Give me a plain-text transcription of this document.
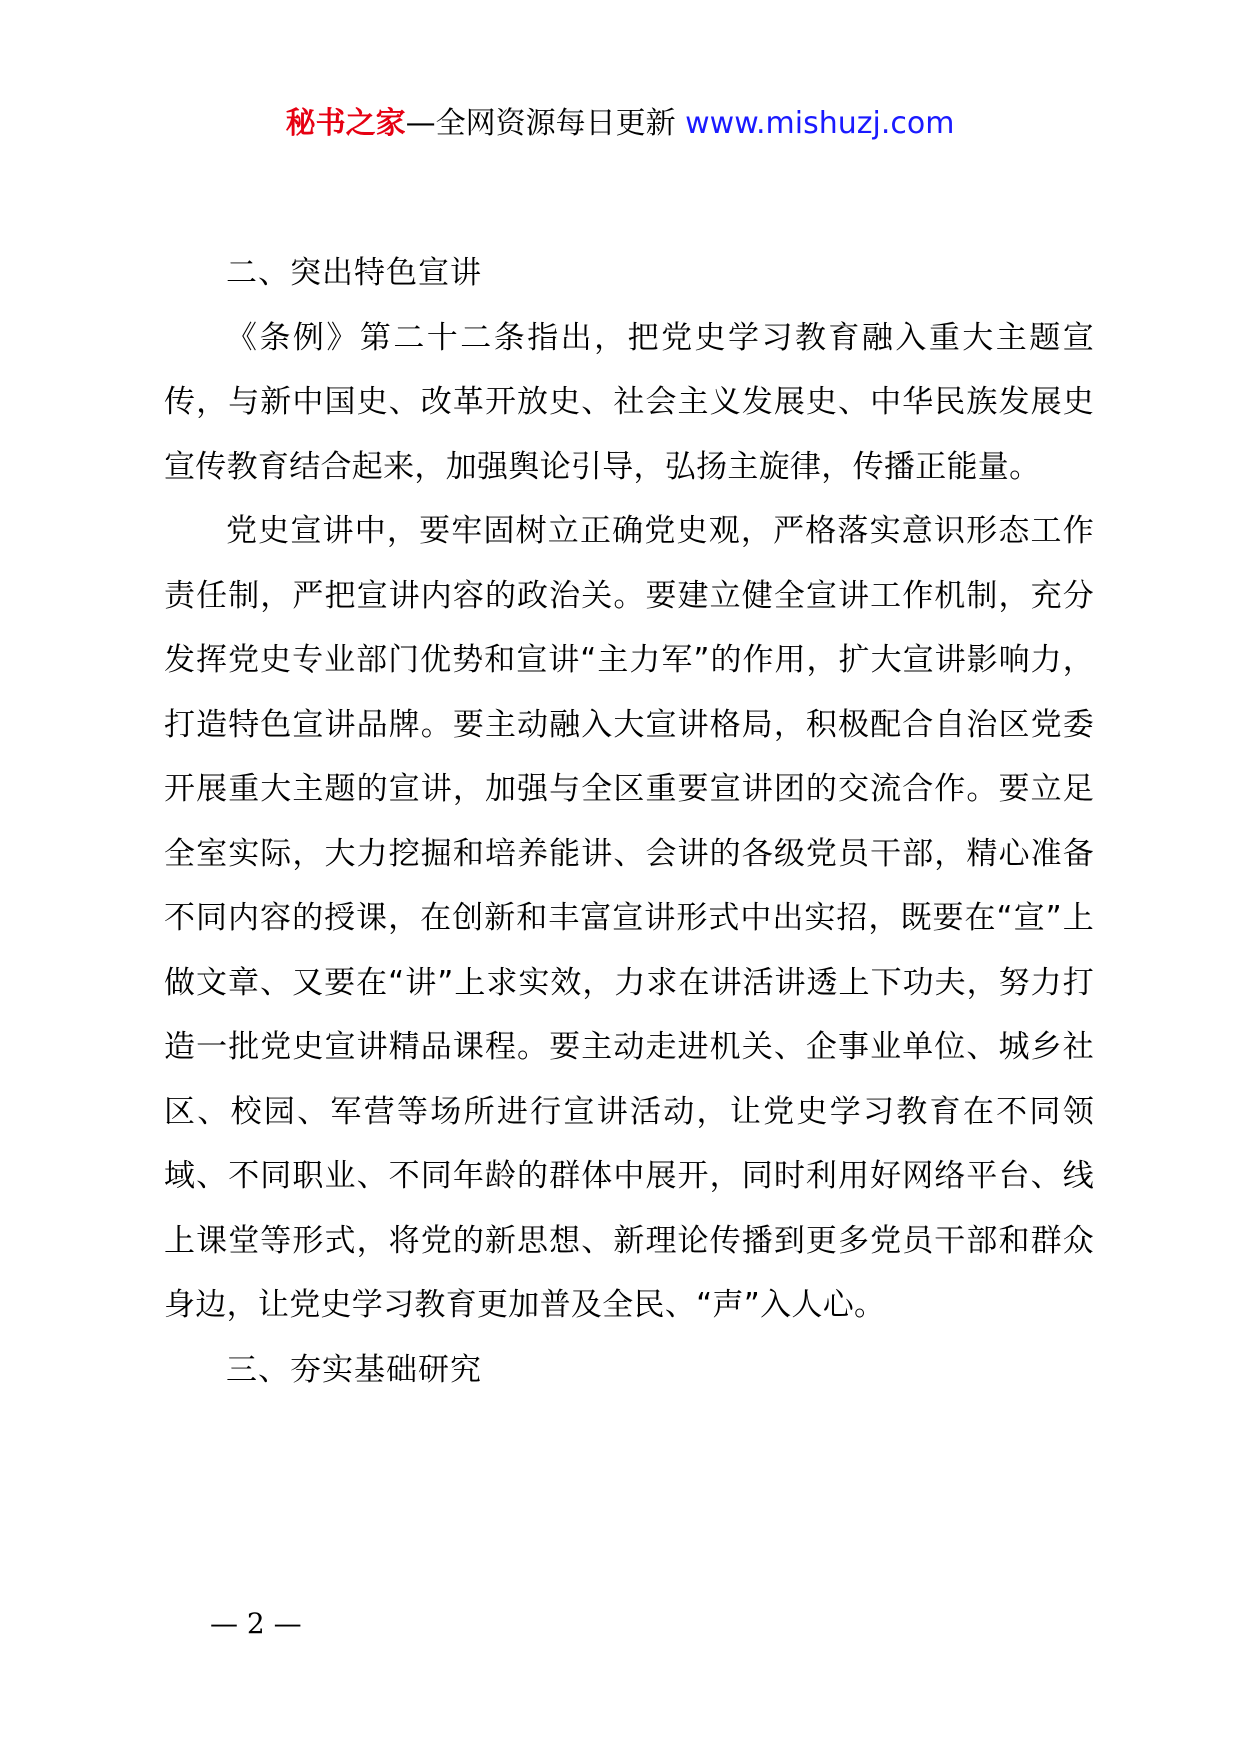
秘书之家—全网资源每日更新 www.mishuzj.com

二、突出特色宣讲

《条例》第二十二条指出，把党史学习教育融入重大主题宣传，与新中国史、改革开放史、社会主义发展史、中华民族发展史宣传教育结合起来，加强舆论引导，弘扬主旋律，传播正能量。

党史宣讲中，要牢固树立正确党史观，严格落实意识形态工作责任制，严把宣讲内容的政治关。要建立健全宣讲工作机制，充分发挥党史专业部门优势和宣讲“主力军”的作用，扩大宣讲影响力，打造特色宣讲品牌。要主动融入大宣讲格局，积极配合自治区党委开展重大主题的宣讲，加强与全区重要宣讲团的交流合作。要立足全室实际，大力挖掘和培养能讲、会讲的各级党员干部，精心准备不同内容的授课，在创新和丰富宣讲形式中出实招，既要在“宣”上做文章、又要在“讲”上求实效，力求在讲活讲透上下功夫，努力打造一批党史宣讲精品课程。要主动走进机关、企事业单位、城乡社区、校园、军营等场所进行宣讲活动，让党史学习教育在不同领域、不同职业、不同年龄的群体中展开，同时利用好网络平台、线上课堂等形式，将党的新思想、新理论传播到更多党员干部和群众身边，让党史学习教育更加普及全民、“声”入人心。

三、夯实基础研究

— 2 —
